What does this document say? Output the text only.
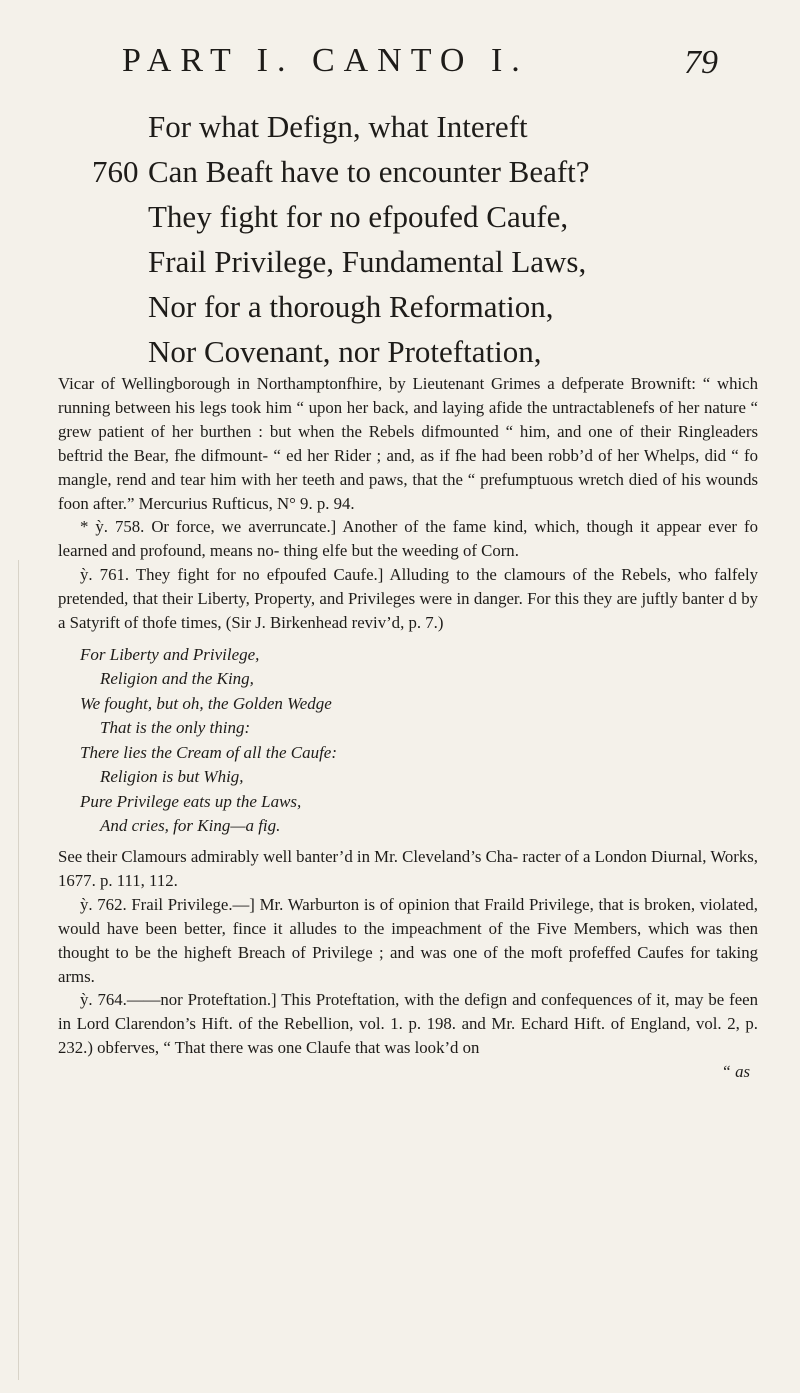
PART I. CANTO I.	79
For what Defign, what Intereft
760 Can Beaft have to encounter Beaft?
They fight for no efpoufed Caufe,
Frail Privilege, Fundamental Laws,
Nor for a thorough Reformation,
Nor Covenant, nor Proteftation,

Vicar of Wellingborough in Northamptonfhire, by Lieutenant Grimes a defperate Brownift: “ which running between his legs took him “ upon her back, and laying afide the untractablenefs of her nature “ grew patient of her burthen : but when the Rebels difmounted “ him, and one of their Ringleaders beftrid the Bear, fhe difmount- “ ed her Rider ; and, as if fhe had been robb’d of her Whelps, did “ fo mangle, rend and tear him with her teeth and paws, that the “ prefumptuous wretch died of his wounds foon after.” Mercurius Rufticus, N° 9. p. 94.

* ỳ. 758. Or force, we averruncate.] Another of the fame kind, which, though it appear ever fo learned and profound, means no- thing elfe but the weeding of Corn.

ỳ. 761. They fight for no efpoufed Caufe.] Alluding to the clamours of the Rebels, who falfely pretended, that their Liberty, Property, and Privileges were in danger. For this they are juftly banter d by a Satyrift of thofe times, (Sir J. Birkenhead reviv’d, p. 7.)

For Liberty and Privilege,
Religion and the King,
We fought, but oh, the Golden Wedge
That is the only thing:
There lies the Cream of all the Caufe:
Religion is but Whig,
Pure Privilege eats up the Laws,
And cries, for King—a fig.

See their Clamours admirably well banter’d in Mr. Cleveland’s Cha- racter of a London Diurnal, Works, 1677. p. 111, 112.

ỳ. 762. Frail Privilege.—] Mr. Warburton is of opinion that Fraild Privilege, that is broken, violated, would have been better, fince it alludes to the impeachment of the Five Members, which was then thought to be the higheft Breach of Privilege ; and was one of the moft profeffed Caufes for taking arms.

ỳ. 764.——nor Proteftation.] This Proteftation, with the defign and confequences of it, may be feen in Lord Clarendon’s Hift. of the Rebellion, vol. 1. p. 198. and Mr. Echard Hift. of England, vol. 2, p. 232.) obferves, “ That there was one Claufe that was look’d on

“ as
